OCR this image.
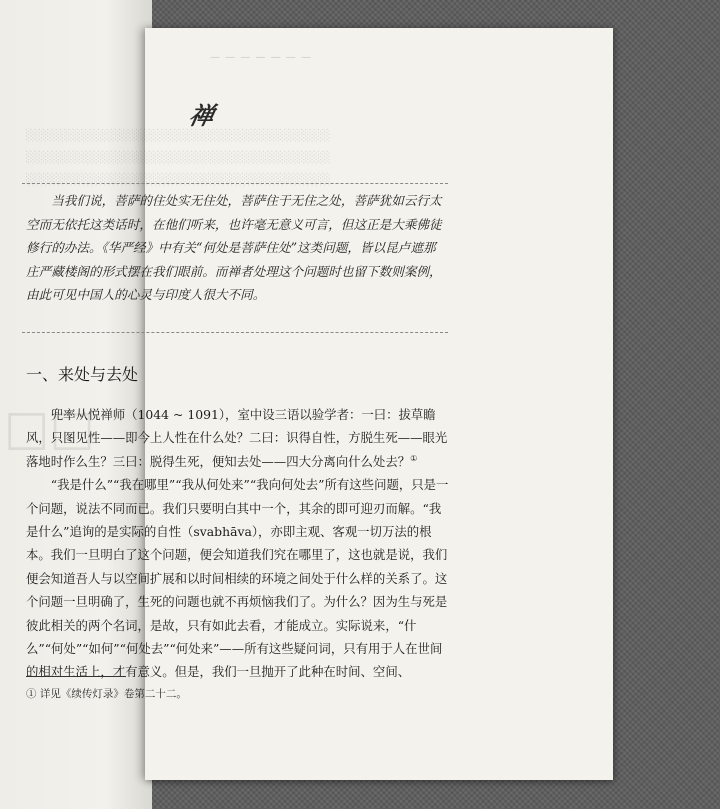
□□
— — — — — — —
禅
░░░░░░░░░░░░░░░░░░░░░░░░░░░░░░░░░░░░
░░░░░░░░░░░░░░░░░░░░░░░░░░░░░░░░░░░░
░░░░░░░░░░░░░░░░░░░░░░░░░░░░░░░░░░░░

当我们说，菩萨的住处实无住处，菩萨住于无住之处，菩萨犹如云行太空而无依托这类话时，在他们听来，也许毫无意义可言，但这正是大乘佛徒修行的办法。《华严经》中有关“何处是菩萨住处”这类问题，皆以昆卢遮那庄严藏楼阁的形式摆在我们眼前。而禅者处理这个问题时也留下数则案例，由此可见中国人的心灵与印度人很大不同。

一、来处与去处

兜率从悦禅师（1044 ~ 1091），室中设三语以验学者：一曰：拔草瞻风，只图见性——即今上人性在什么处？二曰：识得自性，方脱生死——眼光落地时作么生？三曰：脱得生死，便知去处——四大分离向什么处去？①

“我是什么”“我在哪里”“我从何处来”“我向何处去”所有这些问题，只是一个问题，说法不同而已。我们只要明白其中一个，其余的即可迎刃而解。“我是什么”追询的是实际的自性（svabhāva），亦即主观、客观一切万法的根本。我们一旦明白了这个问题，便会知道我们究在哪里了，这也就是说，我们便会知道吾人与以空间扩展和以时间相续的环境之间处于什么样的关系了。这个问题一旦明确了，生死的问题也就不再烦恼我们了。为什么？因为生与死是彼此相关的两个名词，是故，只有如此去看，才能成立。实际说来，“什么”“何处”“如何”“何处去”“何处来”——所有这些疑问词，只有用于人在世间的相对生活上，才有意义。但是，我们一旦抛开了此种在时间、空间、

① 详见《续传灯录》卷第二十二。
